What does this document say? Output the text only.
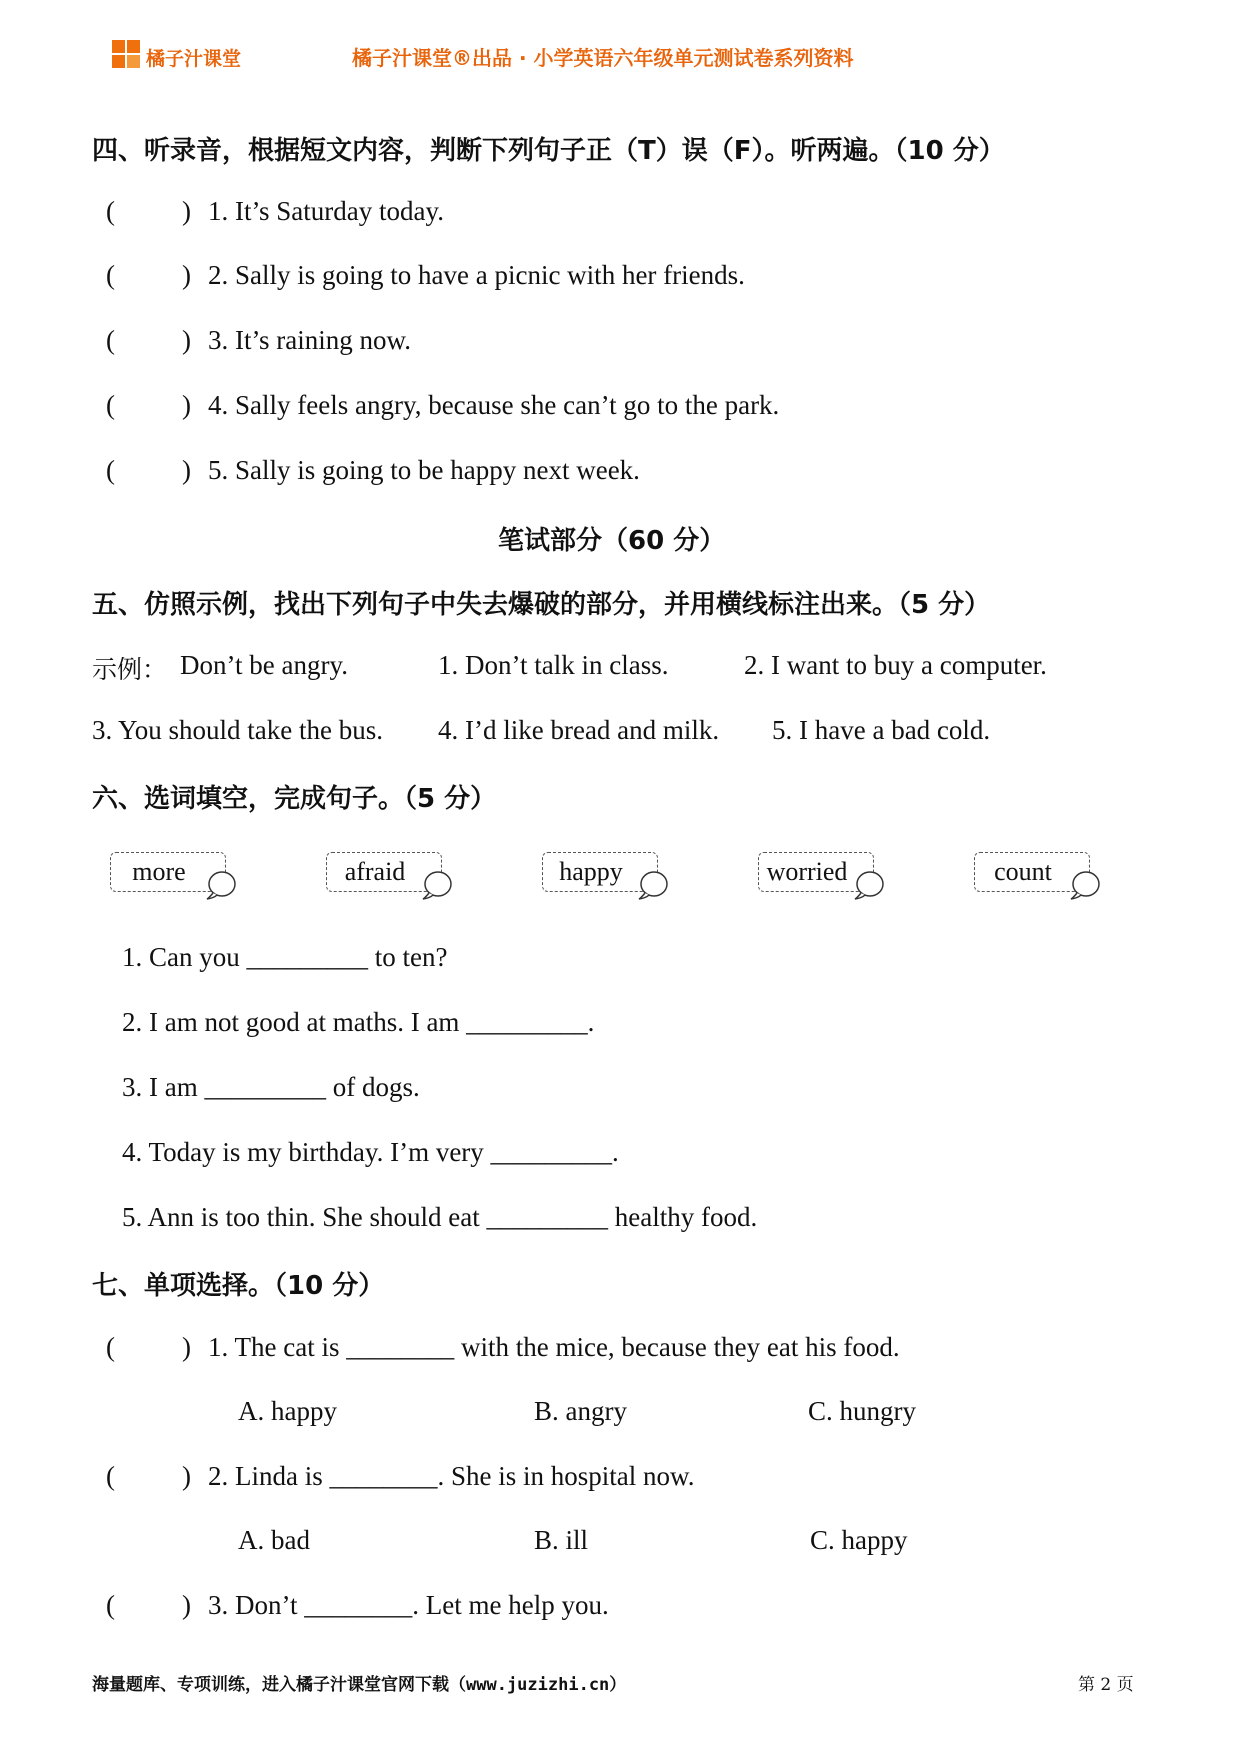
橘子汁课堂	橘子汁课堂®出品 · 小学英语六年级单元测试卷系列资料
四、听录音，根据短文内容，判断下列句子正（T）误（F）。听两遍。（10 分）
( ) 1. It’s Saturday today.
( ) 2. Sally is going to have a picnic with her friends.
( ) 3. It’s raining now.
( ) 4. Sally feels angry, because she can’t go to the park.
( ) 5. Sally is going to be happy next week.
笔试部分（60 分）
五、仿照示例，找出下列句子中失去爆破的部分，并用横线标注出来。（5 分）
示例： Don’t be angry.	1. Don’t talk in class.	2. I want to buy a computer.
3. You should take the bus. 4. I’d like bread and milk. 5. I have a bad cold.
六、选词填空，完成句子。（5 分）
more	afraid	happy	worried	count
1. Can you _________ to ten?
2. I am not good at maths. I am _________.
3. I am _________ of dogs.
4. Today is my birthday. I’m very _________.
5. Ann is too thin. She should eat _________ healthy food.
七、单项选择。（10 分）
( ) 1. The cat is ________ with the mice, because they eat his food.
A. happy	B. angry	C. hungry
( ) 2. Linda is ________. She is in hospital now.
A. bad	B. ill	C. happy
( ) 3. Don’t ________. Let me help you.
海量题库、专项训练，进入橘子汁课堂官网下载（www.juzizhi.cn）	第 2 页
